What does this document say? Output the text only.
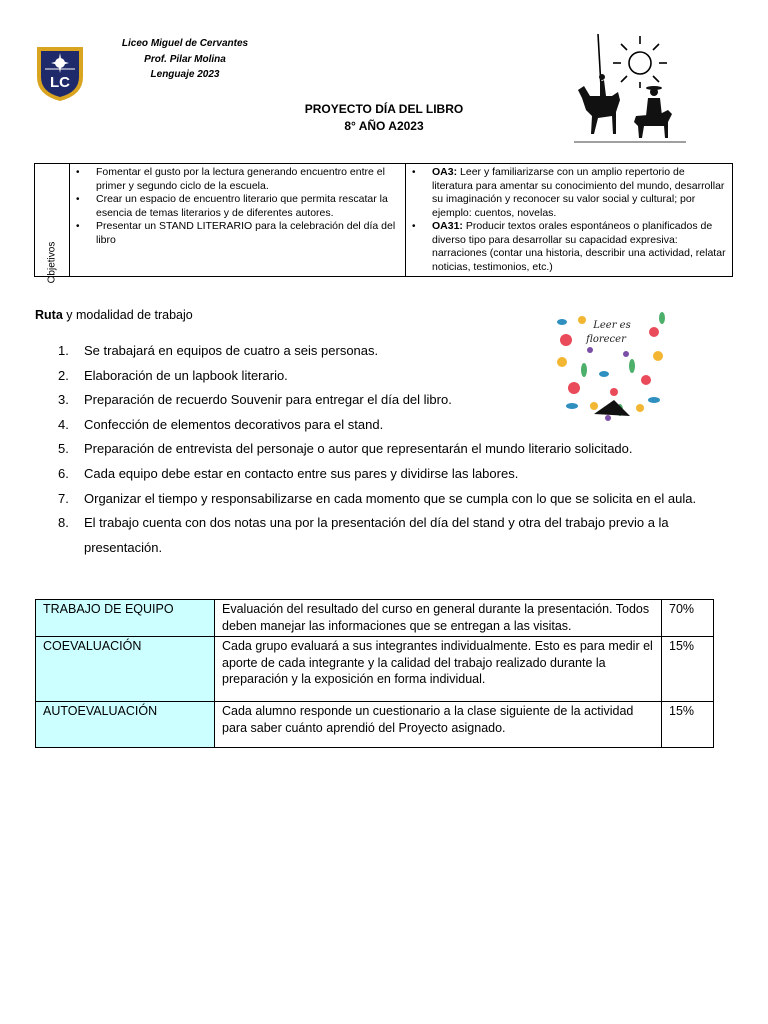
LC
Liceo Miguel de Cervantes
Prof. Pilar Molina
Lenguaje 2023
PROYECTO DÍA DEL LIBRO
8° AÑO A2023
Objetivos

• Fomentar el gusto por la lectura generando encuentro entre el primer y segundo ciclo de la escuela.
• Crear un espacio de encuentro literario que permita rescatar la esencia de temas literarios y de diferentes autores.
• Presentar un STAND LITERARIO para la celebración del día del libro

• OA3: Leer y familiarizarse con un amplio repertorio de literatura para amentar su conocimiento del mundo, desarrollar su imaginación y reconocer su valor social y cultural; por ejemplo: cuentos, novelas.
• OA31: Producir textos orales espontáneos o planificados de diverso tipo para desarrollar su capacidad expresiva: narraciones (contar una historia, describir una actividad, relatar noticias, testimonios, etc.)
Ruta y modalidad de trabajo
Leer es
florecer
1. Se trabajará en equipos de cuatro a seis personas.
2. Elaboración de un lapbook literario.
3. Preparación de recuerdo Souvenir para entregar el día del libro.
4. Confección de elementos decorativos para el stand.
5. Preparación de entrevista del personaje o autor que representarán el mundo literario solicitado.
6. Cada equipo debe estar en contacto entre sus pares y dividirse las labores.
7. Organizar el tiempo y responsabilizarse en cada momento que se cumpla con lo que se solicita en el aula.
8. El trabajo cuenta con dos notas una por la presentación del día del stand y otra del trabajo previo a la presentación.
TRABAJO DE EQUIPO	Evaluación del resultado del curso en general durante la presentación. Todos deben manejar las informaciones que se entregan a las visitas.	70%
COEVALUACIÓN	Cada grupo evaluará a sus integrantes individualmente. Esto es para medir el aporte de cada integrante y la calidad del trabajo realizado durante la preparación y la exposición en forma individual.	15%
AUTOEVALUACIÓN	Cada alumno responde un cuestionario a la clase siguiente de la actividad para saber cuánto aprendió del Proyecto asignado.	15%
